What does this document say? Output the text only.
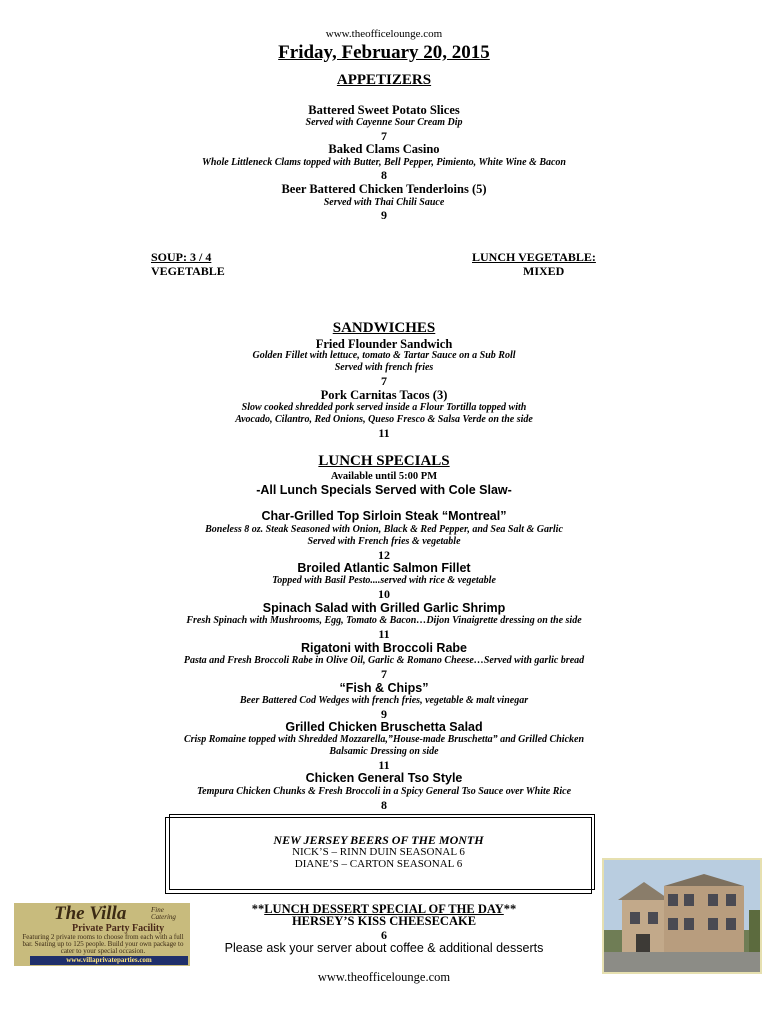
www.theofficelounge.com
Friday, February 20, 2015
APPETIZERS
Battered Sweet Potato Slices
Served with Cayenne Sour Cream Dip
7
Baked Clams Casino
Whole Littleneck Clams topped with Butter, Bell Pepper, Pimiento, White Wine & Bacon
8
Beer Battered Chicken Tenderloins (5)
Served with Thai Chili Sauce
9
SOUP: 3 / 4
VEGETABLE
LUNCH VEGETABLE:
MIXED
SANDWICHES
Fried Flounder Sandwich
Golden Fillet with lettuce, tomato & Tartar Sauce on a Sub Roll
Served with french fries
7
Pork Carnitas Tacos (3)
Slow cooked shredded pork served inside a Flour Tortilla topped with
Avocado, Cilantro, Red Onions, Queso Fresco & Salsa Verde on the side
11
LUNCH SPECIALS
Available until 5:00 PM
-All Lunch Specials Served with Cole Slaw-
Char-Grilled Top Sirloin Steak “Montreal”
Boneless 8 oz. Steak Seasoned with Onion, Black & Red Pepper, and Sea Salt & Garlic
Served with French fries & vegetable
12
Broiled Atlantic Salmon Fillet
Topped with Basil Pesto....served with rice & vegetable
10
Spinach Salad with Grilled Garlic Shrimp
Fresh Spinach with Mushrooms, Egg, Tomato & Bacon…Dijon Vinaigrette dressing on the side
11
Rigatoni with Broccoli Rabe
Pasta and Fresh Broccoli Rabe in Olive Oil, Garlic & Romano Cheese…Served with garlic bread
7
“Fish & Chips”
Beer Battered Cod Wedges with french fries, vegetable & malt vinegar
9
Grilled Chicken Bruschetta Salad
Crisp Romaine topped with Shredded Mozzarella,”House-made Bruschetta” and Grilled Chicken
Balsamic Dressing on side
11
Chicken General Tso Style
Tempura Chicken Chunks & Fresh Broccoli in a Spicy General Tso Sauce over White Rice
8
NEW JERSEY BEERS OF THE MONTH
NICK’S – RINN DUIN SEASONAL 6
DIANE’S – CARTON SEASONAL 6
**LUNCH DESSERT SPECIAL OF THE DAY**
HERSEY’S KISS CHEESECAKE
6
Please ask your server about coffee & additional desserts
www.theofficelounge.com
The Villa	Fine Catering
Private Party Facility
Featuring 2 private rooms to choose from each with a full bar. Seating up to 125 people. Build your own package to cater to your special occasion.
www.villaprivateparties.com
